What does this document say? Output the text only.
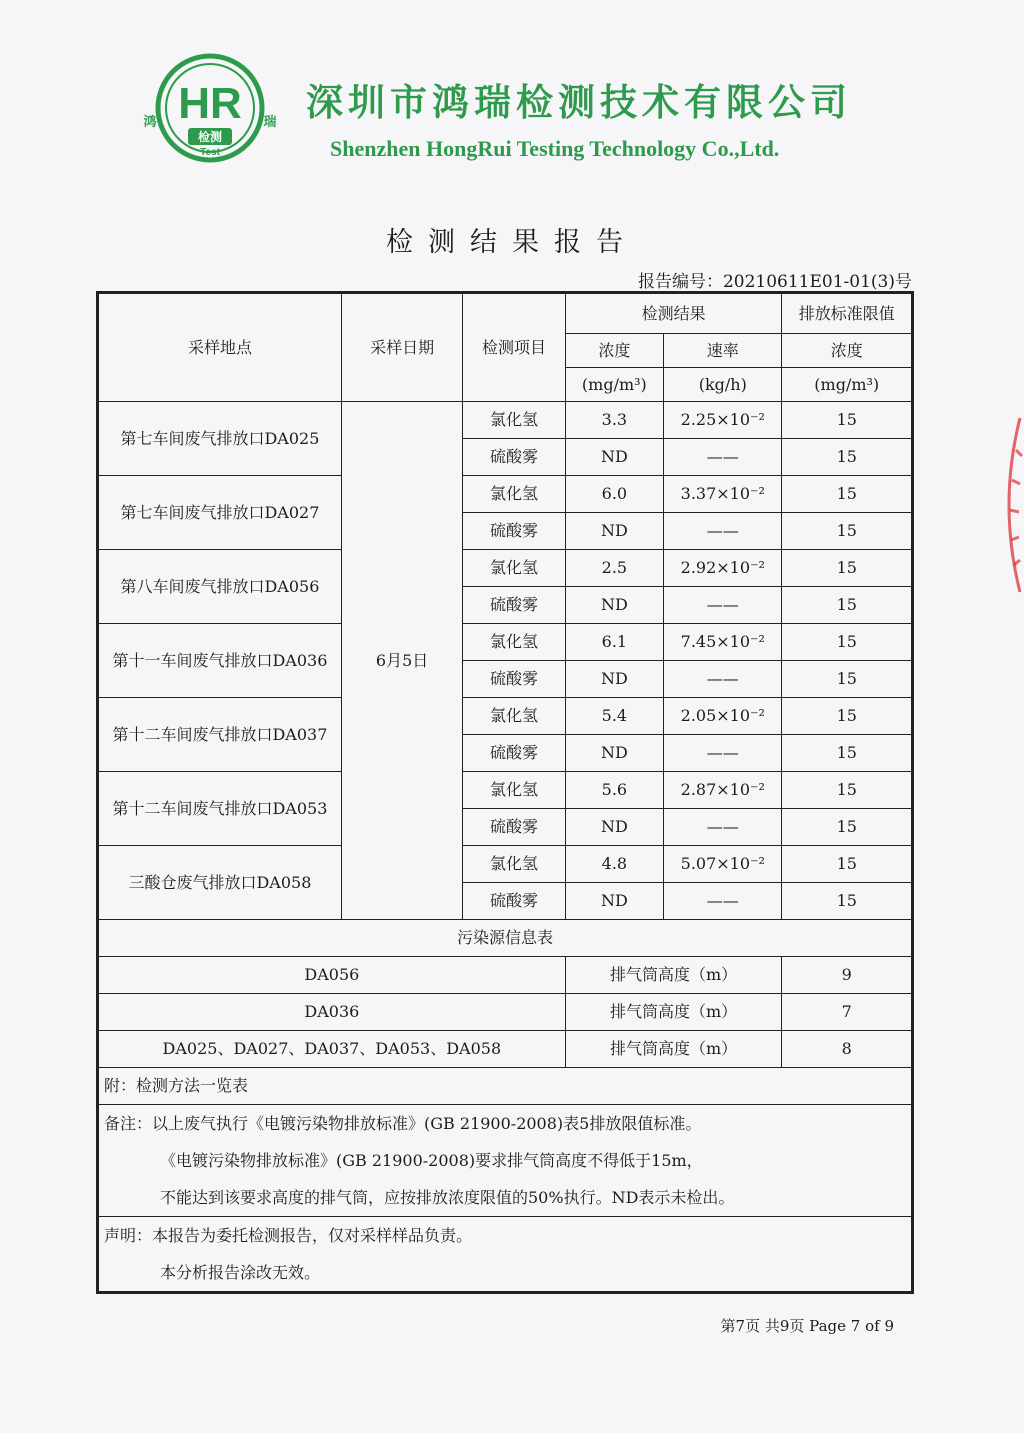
HR
鸿	瑞
检测
Test
深圳市鸿瑞检测技术有限公司
Shenzhen HongRui Testing Technology Co.,Ltd.
检测结果报告
报告编号：20210611E01-01(3)号
采样地点	采样日期	检测项目	检测结果		排放标准限值
			浓度	速率	浓度
			(mg/m³)	(kg/h)	(mg/m³)
第七车间废气排放口DA025	6月5日	氯化氢	3.3	2.25×10⁻²	15
		硫酸雾	ND	——	15
第七车间废气排放口DA027		氯化氢	6.0	3.37×10⁻²	15
		硫酸雾	ND	——	15
第八车间废气排放口DA056		氯化氢	2.5	2.92×10⁻²	15
		硫酸雾	ND	——	15
第十一车间废气排放口DA036		氯化氢	6.1	7.45×10⁻²	15
		硫酸雾	ND	——	15
第十二车间废气排放口DA037		氯化氢	5.4	2.05×10⁻²	15
		硫酸雾	ND	——	15
第十二车间废气排放口DA053		氯化氢	5.6	2.87×10⁻²	15
		硫酸雾	ND	——	15
三酸仓废气排放口DA058		氯化氢	4.8	5.07×10⁻²	15
		硫酸雾	ND	——	15
污染源信息表					
DA056			排气筒高度（m）		9
DA036			排气筒高度（m）		7
DA025、DA027、DA037、DA053、DA058			排气筒高度（m）		8
附：检测方法一览表					

备注：以上废气执行《电镀污染物排放标准》(GB 21900-2008)表5排放限值标准。
《电镀污染物排放标准》(GB 21900-2008)要求排气筒高度不得低于15m，
不能达到该要求高度的排气筒，应按排放浓度限值的50%执行。ND表示未检出。					

声明：本报告为委托检测报告，仅对采样样品负责。
本分析报告涂改无效。					
第7页 共9页 Page 7 of 9
